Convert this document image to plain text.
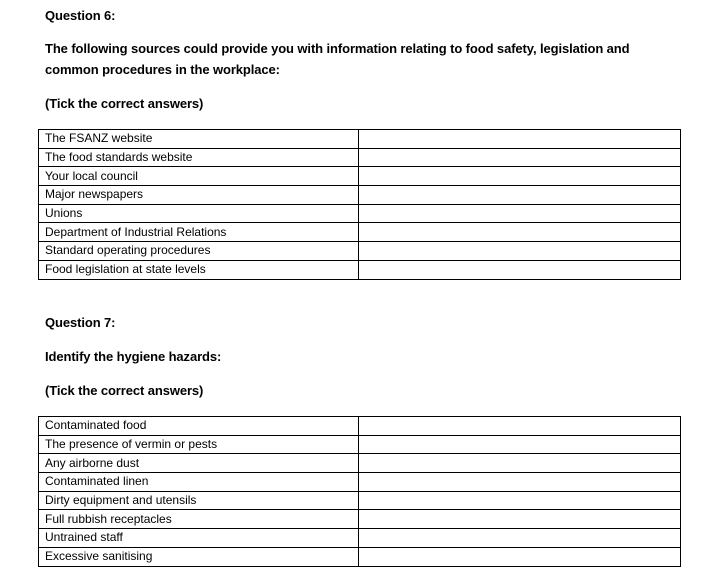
Question 6:
The following sources could provide you with information relating to food safety, legislation and
common procedures in the workplace:
(Tick the correct answers)
The FSANZ website	
The food standards website	
Your local council	
Major newspapers	
Unions	
Department of Industrial Relations	
Standard operating procedures	
Food legislation at state levels	
Question 7:
Identify the hygiene hazards:
(Tick the correct answers)
Contaminated food	
The presence of vermin or pests	
Any airborne dust	
Contaminated linen	
Dirty equipment and utensils	
Full rubbish receptacles	
Untrained staff	
Excessive sanitising	
